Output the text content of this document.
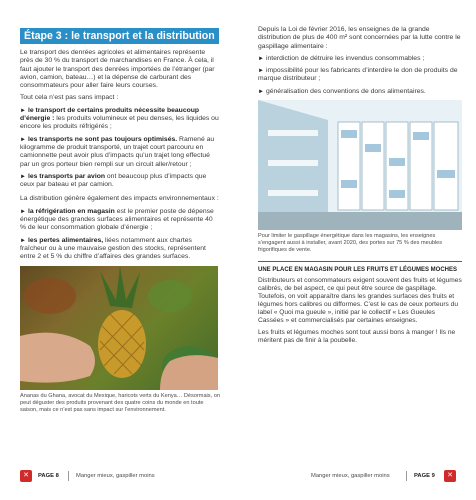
Étape 3 : le transport et la distribution

Le transport des denrées agricoles et alimentaires représente près de 30 % du transport de marchandises en France. À cela, il faut ajouter le transport des denrées importées de l’étranger (par avion, camion, bateau…) et la dépense de carburant des consommateurs pour aller faire leurs courses.

Tout cela n’est pas sans impact :

► le transport de certains produits nécessite beaucoup d’énergie : les produits volumineux et peu denses, les liquides ou encore les produits réfrigérés ;

► les transports ne sont pas toujours optimisés. Ramené au kilogramme de produit transporté, un trajet court parcouru en camionnette peut avoir plus d’impacts qu’un trajet long effectué par un gros porteur bien rempli sur un circuit aller/retour ;

► les transports par avion ont beaucoup plus d’impacts que ceux par bateau et par camion.

La distribution génère également des impacts environnementaux :

► la réfrigération en magasin est le premier poste de dépense énergétique des grandes surfaces alimentaires et représente 40 % de leur consommation globale d’énergie ;

► les pertes alimentaires, liées notamment aux chartes fraîcheur ou à une mauvaise gestion des stocks, représentent entre 2 et 5 % du chiffre d’affaires des grandes surfaces.

Ananas du Ghana, avocat du Mexique, haricots verts du Kenya… Désormais, on peut déguster des produits provenant des quatre coins du monde en toute saison, mais ce n’est pas sans impact sur l’environnement.

Depuis la Loi de février 2016, les enseignes de la grande distribution de plus de 400 m² sont concernées par la lutte contre le gaspillage alimentaire :

► interdiction de détruire les invendus consommables ;

► impossibilité pour les fabricants d’interdire le don de produits de marque distributeur ;

► généralisation des conventions de dons alimentaires.

Pour limiter le gaspillage énergétique dans les magasins, les enseignes s’engagent aussi à installer, avant 2020, des portes sur 75 % des meubles frigorifiques de vente.
UNE PLACE EN MAGASIN POUR LES FRUITS ET LÉGUMES MOCHES

Distributeurs et consommateurs exigent souvent des fruits et légumes calibrés, de bel aspect, ce qui peut être source de gaspillage. Toutefois, on voit apparaître dans les grandes surfaces des fruits et légumes hors calibres ou difformes. C’est le cas de ceux porteurs du label « Quoi ma gueule », initié par le collectif « Les Gueules Cassées » et commercialisés par certaines enseignes.

Les fruits et légumes moches sont tout aussi bons à manger ! Ils ne méritent pas de finir à la poubelle.

✕	PAGE 8	Manger mieux, gaspiller moins	Manger mieux, gaspiller moins	PAGE 9	✕
